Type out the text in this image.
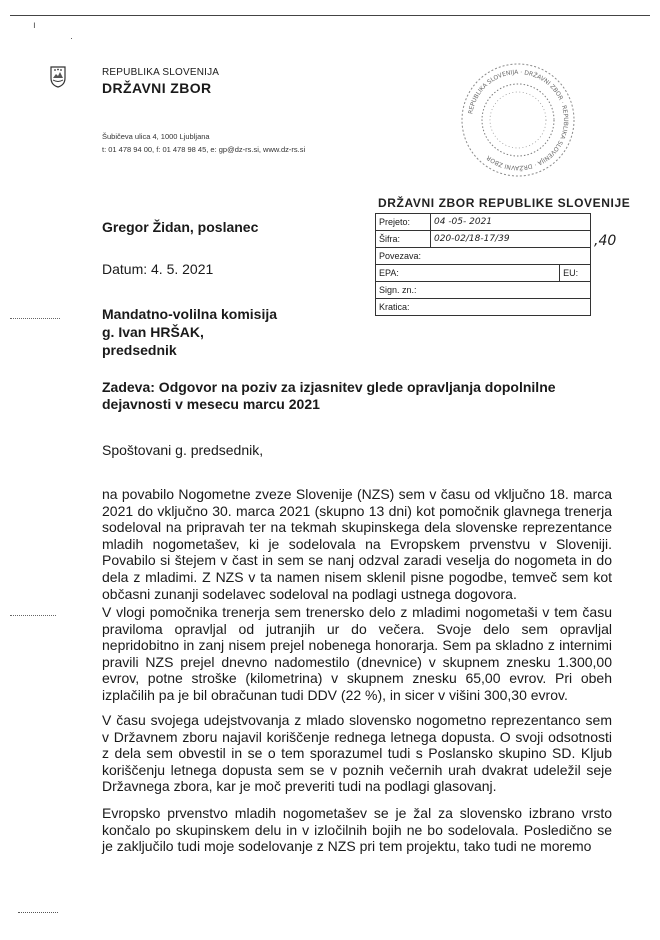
ı
·
REPUBLIKA SLOVENIJA
DRŽAVNI ZBOR
Šubičeva ulica 4, 1000 Ljubljana
t: 01 478 94 00, f: 01 478 98 45, e: gp@dz-rs.si, www.dz-rs.si
REPUBLIKA SLOVENIJA · DRŽAVNI ZBOR · REPUBLIKA SLOVENIJA · DRŽAVNI ZBOR
DRŽAVNI ZBOR REPUBLIKE SLOVENIJE
Prejeto:	04 -05- 2021	
Šifra:	020-02/18-17/39	
Povezava:		
EPA:		EU:
Sign. zn.:		
Kratica:		
,40
Gregor Židan, poslanec
Datum: 4. 5. 2021
Mandatno-volilna komisija
g. Ivan HRŠAK,
predsednik
Zadeva: Odgovor na poziv za izjasnitev glede opravljanja dopolnilne dejavnosti v mesecu marcu 2021
Spoštovani g. predsednik,
na povabilo Nogometne zveze Slovenije (NZS) sem v času od vključno 18. marca 2021 do vključno 30. marca 2021 (skupno 13 dni) kot pomočnik glavnega trenerja sodeloval na pripravah ter na tekmah skupinskega dela slovenske reprezentance mladih nogometašev, ki je sodelovala na Evropskem prvenstvu v Sloveniji. Povabilo si štejem v čast in sem se nanj odzval zaradi veselja do nogometa in do dela z mladimi. Z NZS v ta namen nisem sklenil pisne pogodbe, temveč sem kot občasni zunanji sodelavec sodeloval na podlagi ustnega dogovora.
V vlogi pomočnika trenerja sem trenersko delo z mladimi nogometaši v tem času praviloma opravljal od jutranjih ur do večera. Svoje delo sem opravljal nepridobitno in zanj nisem prejel nobenega honorarja. Sem pa skladno z internimi pravili NZS prejel dnevno nadomestilo (dnevnice) v skupnem znesku 1.300,00 evrov, potne stroške (kilometrina) v skupnem znesku 65,00 evrov. Pri obeh izplačilih pa je bil obračunan tudi DDV (22 %), in sicer v višini 300,30 evrov.
V času svojega udejstvovanja z mlado slovensko nogometno reprezentanco sem v Državnem zboru najavil koriščenje rednega letnega dopusta. O svoji odsotnosti z dela sem obvestil in se o tem sporazumel tudi s Poslansko skupino SD. Kljub koriščenju letnega dopusta sem se v poznih večernih urah dvakrat udeležil seje Državnega zbora, kar je moč preveriti tudi na podlagi glasovanj.
Evropsko prvenstvo mladih nogometašev se je žal za slovensko izbrano vrsto končalo po skupinskem delu in v izločilnih bojih ne bo sodelovala. Posledično se je zaključilo tudi moje sodelovanje z NZS pri tem projektu, tako tudi ne moremo
